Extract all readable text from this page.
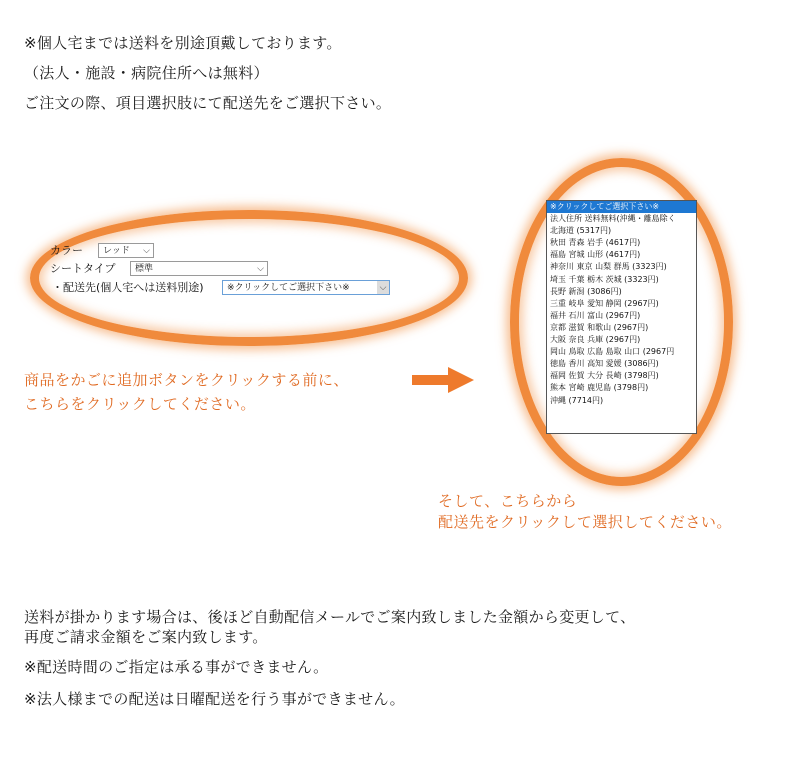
※個人宅までは送料を別途頂戴しております。
（法人・施設・病院住所へは無料）
ご注文の際、項目選択肢にて配送先をご選択下さい。
カラー	レッド ⌵
シートタイプ	標準	⌵
・配送先(個人宅へは送料別途)	※クリックしてご選択下さい※	⌵
商品をかごに追加ボタンをクリックする前に、
こちらをクリックしてください。
※クリックしてご選択下さい※
法人住所 送料無料(沖縄・離島除く
北海道 (5317円)
秋田 青森 岩手 (4617円)
福島 宮城 山形 (4617円)
神奈川 東京 山梨 群馬 (3323円)
埼玉 千葉 栃木 茨城 (3323円)
長野 新潟 (3086円)
三重 岐阜 愛知 静岡 (2967円)
福井 石川 富山 (2967円)
京都 滋賀 和歌山 (2967円)
大阪 奈良 兵庫 (2967円)
岡山 鳥取 広島 島取 山口 (2967円
徳島 香川 高知 愛媛 (3086円)
福岡 佐賀 大分 長崎 (3798円)
熊本 宮崎 鹿児島 (3798円)
沖縄 (7714円)
そして、こちらから
配送先をクリックして選択してください。
送料が掛かります場合は、後ほど自動配信メールでご案内致しました金額から変更して、
再度ご請求金額をご案内致します。
※配送時間のご指定は承る事ができません。
※法人様までの配送は日曜配送を行う事ができません。
